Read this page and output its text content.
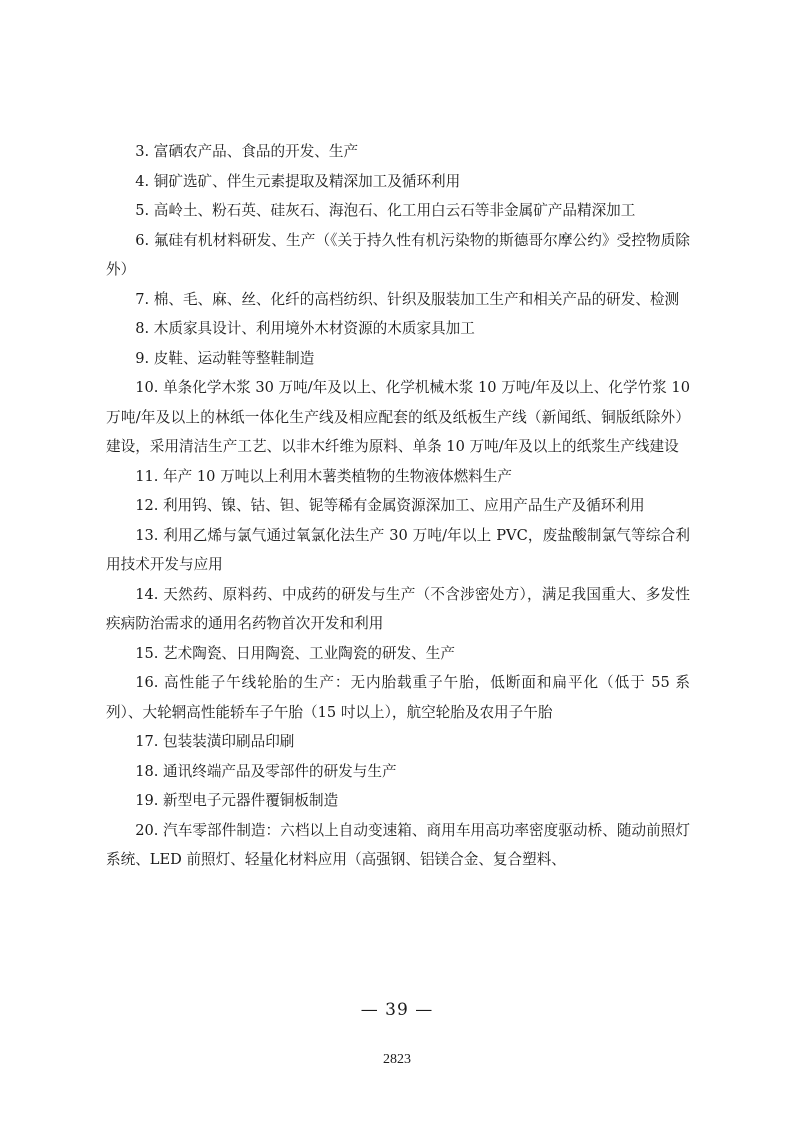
3. 富硒农产品、食品的开发、生产

4. 铜矿选矿、伴生元素提取及精深加工及循环利用

5. 高岭土、粉石英、硅灰石、海泡石、化工用白云石等非金属矿产品精深加工

6. 氟硅有机材料研发、生产（《关于持久性有机污染物的斯德哥尔摩公约》受控物质除外）

7. 棉、毛、麻、丝、化纤的高档纺织、针织及服装加工生产和相关产品的研发、检测

8. 木质家具设计、利用境外木材资源的木质家具加工

9. 皮鞋、运动鞋等整鞋制造

10. 单条化学木浆 30 万吨/年及以上、化学机械木浆 10 万吨/年及以上、化学竹浆 10 万吨/年及以上的林纸一体化生产线及相应配套的纸及纸板生产线（新闻纸、铜版纸除外）建设，采用清洁生产工艺、以非木纤维为原料、单条 10 万吨/年及以上的纸浆生产线建设

11. 年产 10 万吨以上利用木薯类植物的生物液体燃料生产

12. 利用钨、镍、钴、钽、铌等稀有金属资源深加工、应用产品生产及循环利用

13. 利用乙烯与氯气通过氧氯化法生产 30 万吨/年以上 PVC，废盐酸制氯气等综合利用技术开发与应用

14. 天然药、原料药、中成药的研发与生产（不含涉密处方），满足我国重大、多发性疾病防治需求的通用名药物首次开发和利用

15. 艺术陶瓷、日用陶瓷、工业陶瓷的研发、生产

16. 高性能子午线轮胎的生产：无内胎载重子午胎，低断面和扁平化（低于 55 系列）、大轮辋高性能轿车子午胎（15 吋以上），航空轮胎及农用子午胎

17. 包装装潢印刷品印刷

18. 通讯终端产品及零部件的研发与生产

19. 新型电子元器件覆铜板制造

20. 汽车零部件制造：六档以上自动变速箱、商用车用高功率密度驱动桥、随动前照灯系统、LED 前照灯、轻量化材料应用（高强钢、铝镁合金、复合塑料、

— 39 —
2823
